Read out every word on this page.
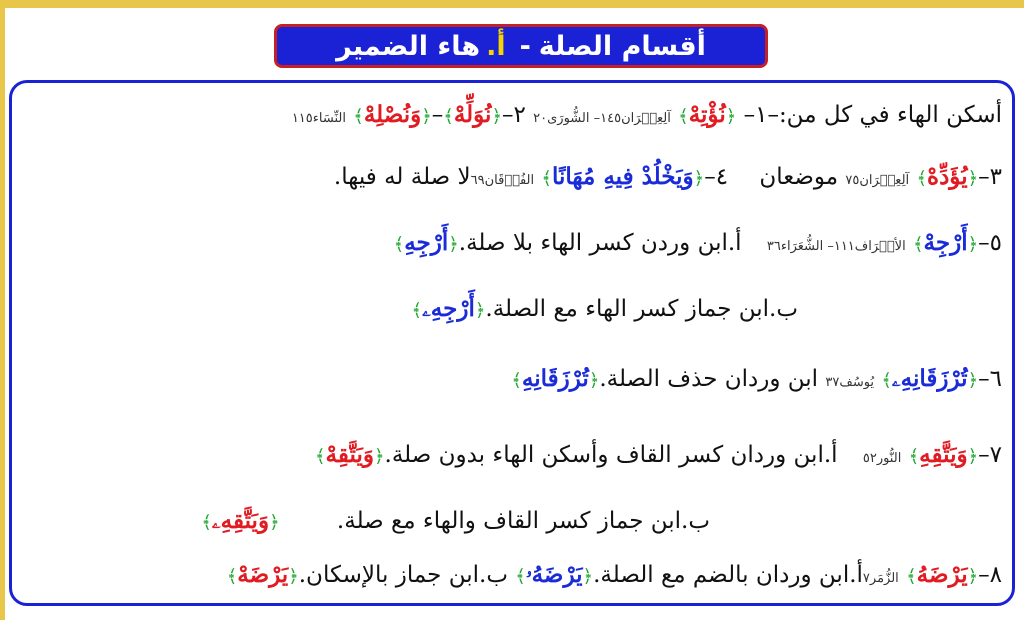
أقسام الصلة
-
أ.
هاء الضمير
أسكن الهاء في كل من:–١– ﴿نُؤْتِهْ﴾ آلِعِمۡرَان١٤٥– الشُّورَى٢٠ ٢–﴿نُوَلِّهْ﴾–﴿وَنُصْلِهْ﴾ النِّسَاء١١٥
٣–﴿يُؤَدِّهْ﴾ آلِعِمۡرَان٧٥ موضعان ٤–﴿وَيَخْلُدْ فِيهِ مُهَانًا﴾ الفُرۡقَان٦٩لا صلة له فيها.
٥–﴿أَرْجِهْ﴾ الأعۡرَاف١١١– الشُّعَرَاء٣٦ أ.ابن وردن كسر الهاء بلا صلة.﴿أَرْجِهِ﴾
ب.ابن جماز كسر الهاء مع الصلة.﴿أَرْجِهِۦ﴾
٦–﴿تُرْزَقَانِهِۦ﴾ يُوسُف٣٧ ابن وردان حذف الصلة.﴿تُرْزَقَانِهِ﴾
٧–﴿وَيَتَّقِهِ﴾ النُّور٥٢ أ.ابن وردان كسر القاف وأسكن الهاء بدون صلة.﴿وَيَتَّقِهْ﴾
ب.ابن جماز كسر القاف والهاء مع صلة. ﴿وَيَتَّقِهِۦ﴾
٨–﴿يَرْضَهُ﴾ الزُّمَر٧أ.ابن وردان بالضم مع الصلة.﴿يَرْضَهُۥ﴾ ب.ابن جماز بالإسكان.﴿يَرْضَهْ﴾
